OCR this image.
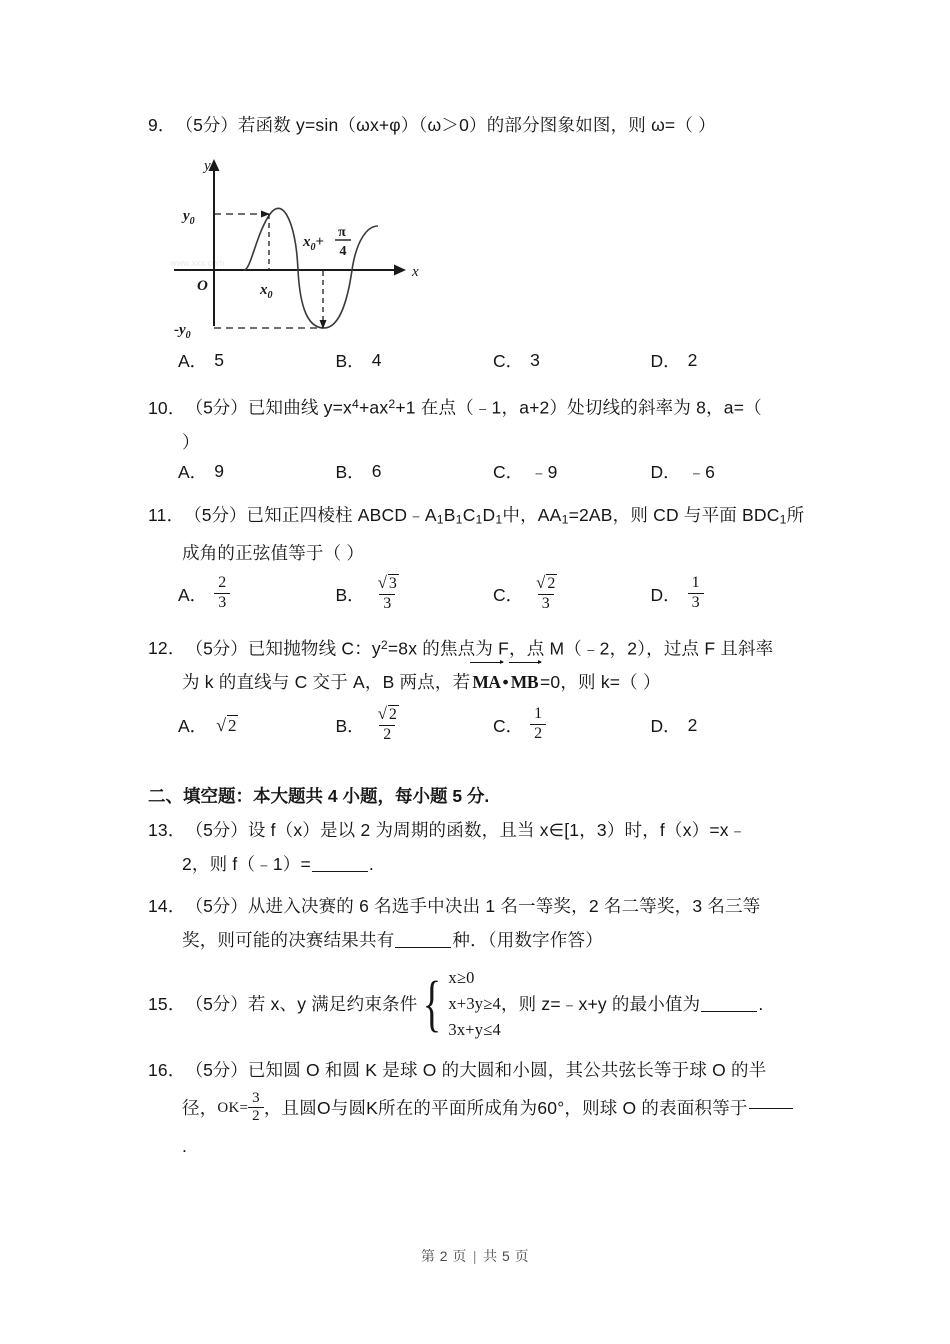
9．（5分）若函数 y=sin（ωx+φ）（ω＞0）的部分图象如图，则 ω=（ ）
www.xxx.com
y
x
O
$y_0$
$-y_0$
$x_0$
$x_0+$
π
4
A． 5	B． 4	C． 3	D． 2
10．（5分）已知曲线 $y=x^4+ax^2+1$ 在点（﹣1，a+2）处切线的斜率为 8，a=（
）
A． 9	B． 6	C． ﹣9	D． ﹣6
11．（5分）已知正四棱柱 $ABCD﹣A_1B_1C_1D_1$中，$AA_1=2AB$，则 CD 与平面 $BDC_1$所
成角的正弦值等于（ ）
A． $\frac{2}{3}$	B． $\frac{√ 3}{3}$	C． $\frac{√ 2}{3}$	D． $\frac{1}{3}$
12．（5分）已知抛物线 C：$y^2=8x$ 的焦点为 F，点 M（﹣2，2），过点 F 且斜率
为 k 的直线与 C 交于 A，B 两点，若 MA • MB =0，则 k=（ ）
A． √ 2	B． $\frac{√ 2}{2}$	C． $\frac{1}{2}$	D． 2
二、填空题：本大题共 4 小题，每小题 5 分.
13．（5分）设 f（x）是以 2 为周期的函数，且当 x∈[1，3）时，f（x）=x﹣
2，则 f（﹣1）=	.
14．（5分）从进入决赛的 6 名选手中决出 1 名一等奖，2 名二等奖，3 名三等
奖，则可能的决赛结果共有	种．（用数字作答）
15．（5分）若 x、y 满足约束条件 { x≥0
x+3y≥4
3x+y≤4
，则 z=﹣x+y 的最小值为	.
16．（5分）已知圆 O 和圆 K 是球 O 的大圆和小圆，其公共弦长等于球 O 的半
径， $OK= \frac{3}{2}$ ，且圆O与圆K所在的平面所成角为60°，则球 O 的表面积等于
.
第 2 页 | 共 5 页
